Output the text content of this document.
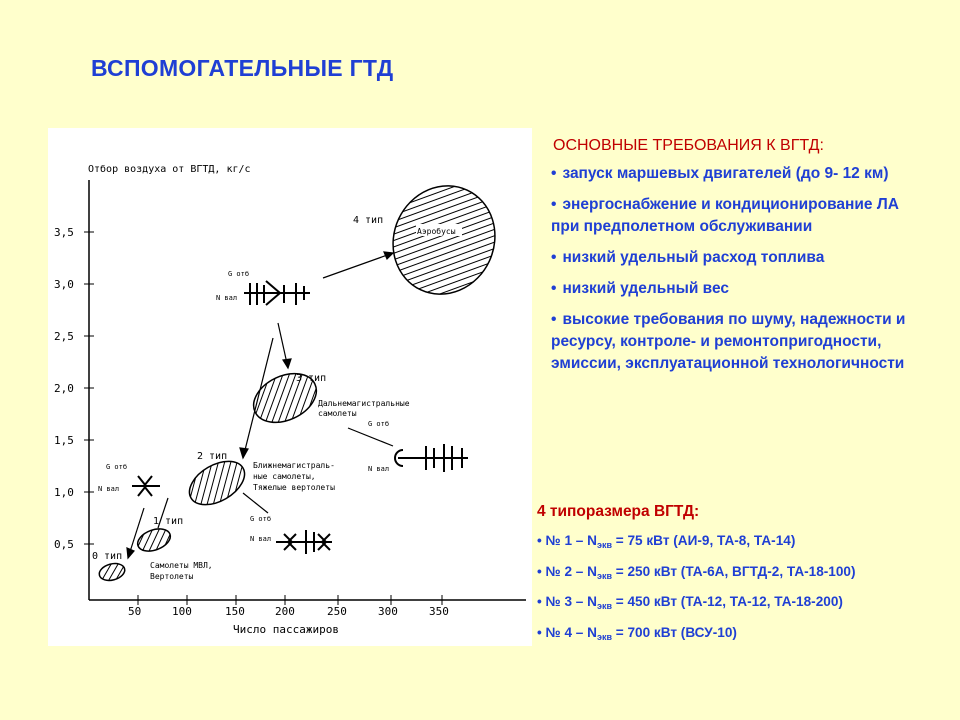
ВСПОМОГАТЕЛЬНЫЕ ГТД
Отбор воздуха от ВГТД, кг/с
Число пассажиров
3,5
3,0
2,5
2,0
1,5
1,0
0,5
50	100	150	200	250	300	350
Аэробусы
4 тип
3 тип
2 тип
1 тип
0 тип
Дальнемагистральные
самолеты
Ближнемагистраль-
ные самолеты,
Тяжелые вертолеты
Самолеты МВЛ,
Вертолеты
G отб
N вал
G отб
N вал
G отб
N вал
G отб
N вал
ОСНОВНЫЕ ТРЕБОВАНИЯ К ВГТД:
• запуск маршевых двигателей (до 9- 12 км)
• энергоснабжение и кондиционирование ЛА при предполетном обслуживании
• низкий удельный расход топлива
• низкий удельный вес
• высокие требования по шуму, надежности и ресурсу, контроле- и ремонтопригодности, эмиссии, эксплуатационной технологичности
4 типоразмера ВГТД:
• № $1 - N_{экв} = 75$ кВт (АИ-9, ТА-8, ТА-14)
• № $2 - N_{экв} = 250$ кВт (ТА-6А, ВГТД-2, ТА-18-100)
• № $3 - N_{экв} = 450$ кВт (ТА-12, ТА-12, ТА-18-200)
• № $4 - N_{экв} = 700$ кВт (ВСУ-10)
